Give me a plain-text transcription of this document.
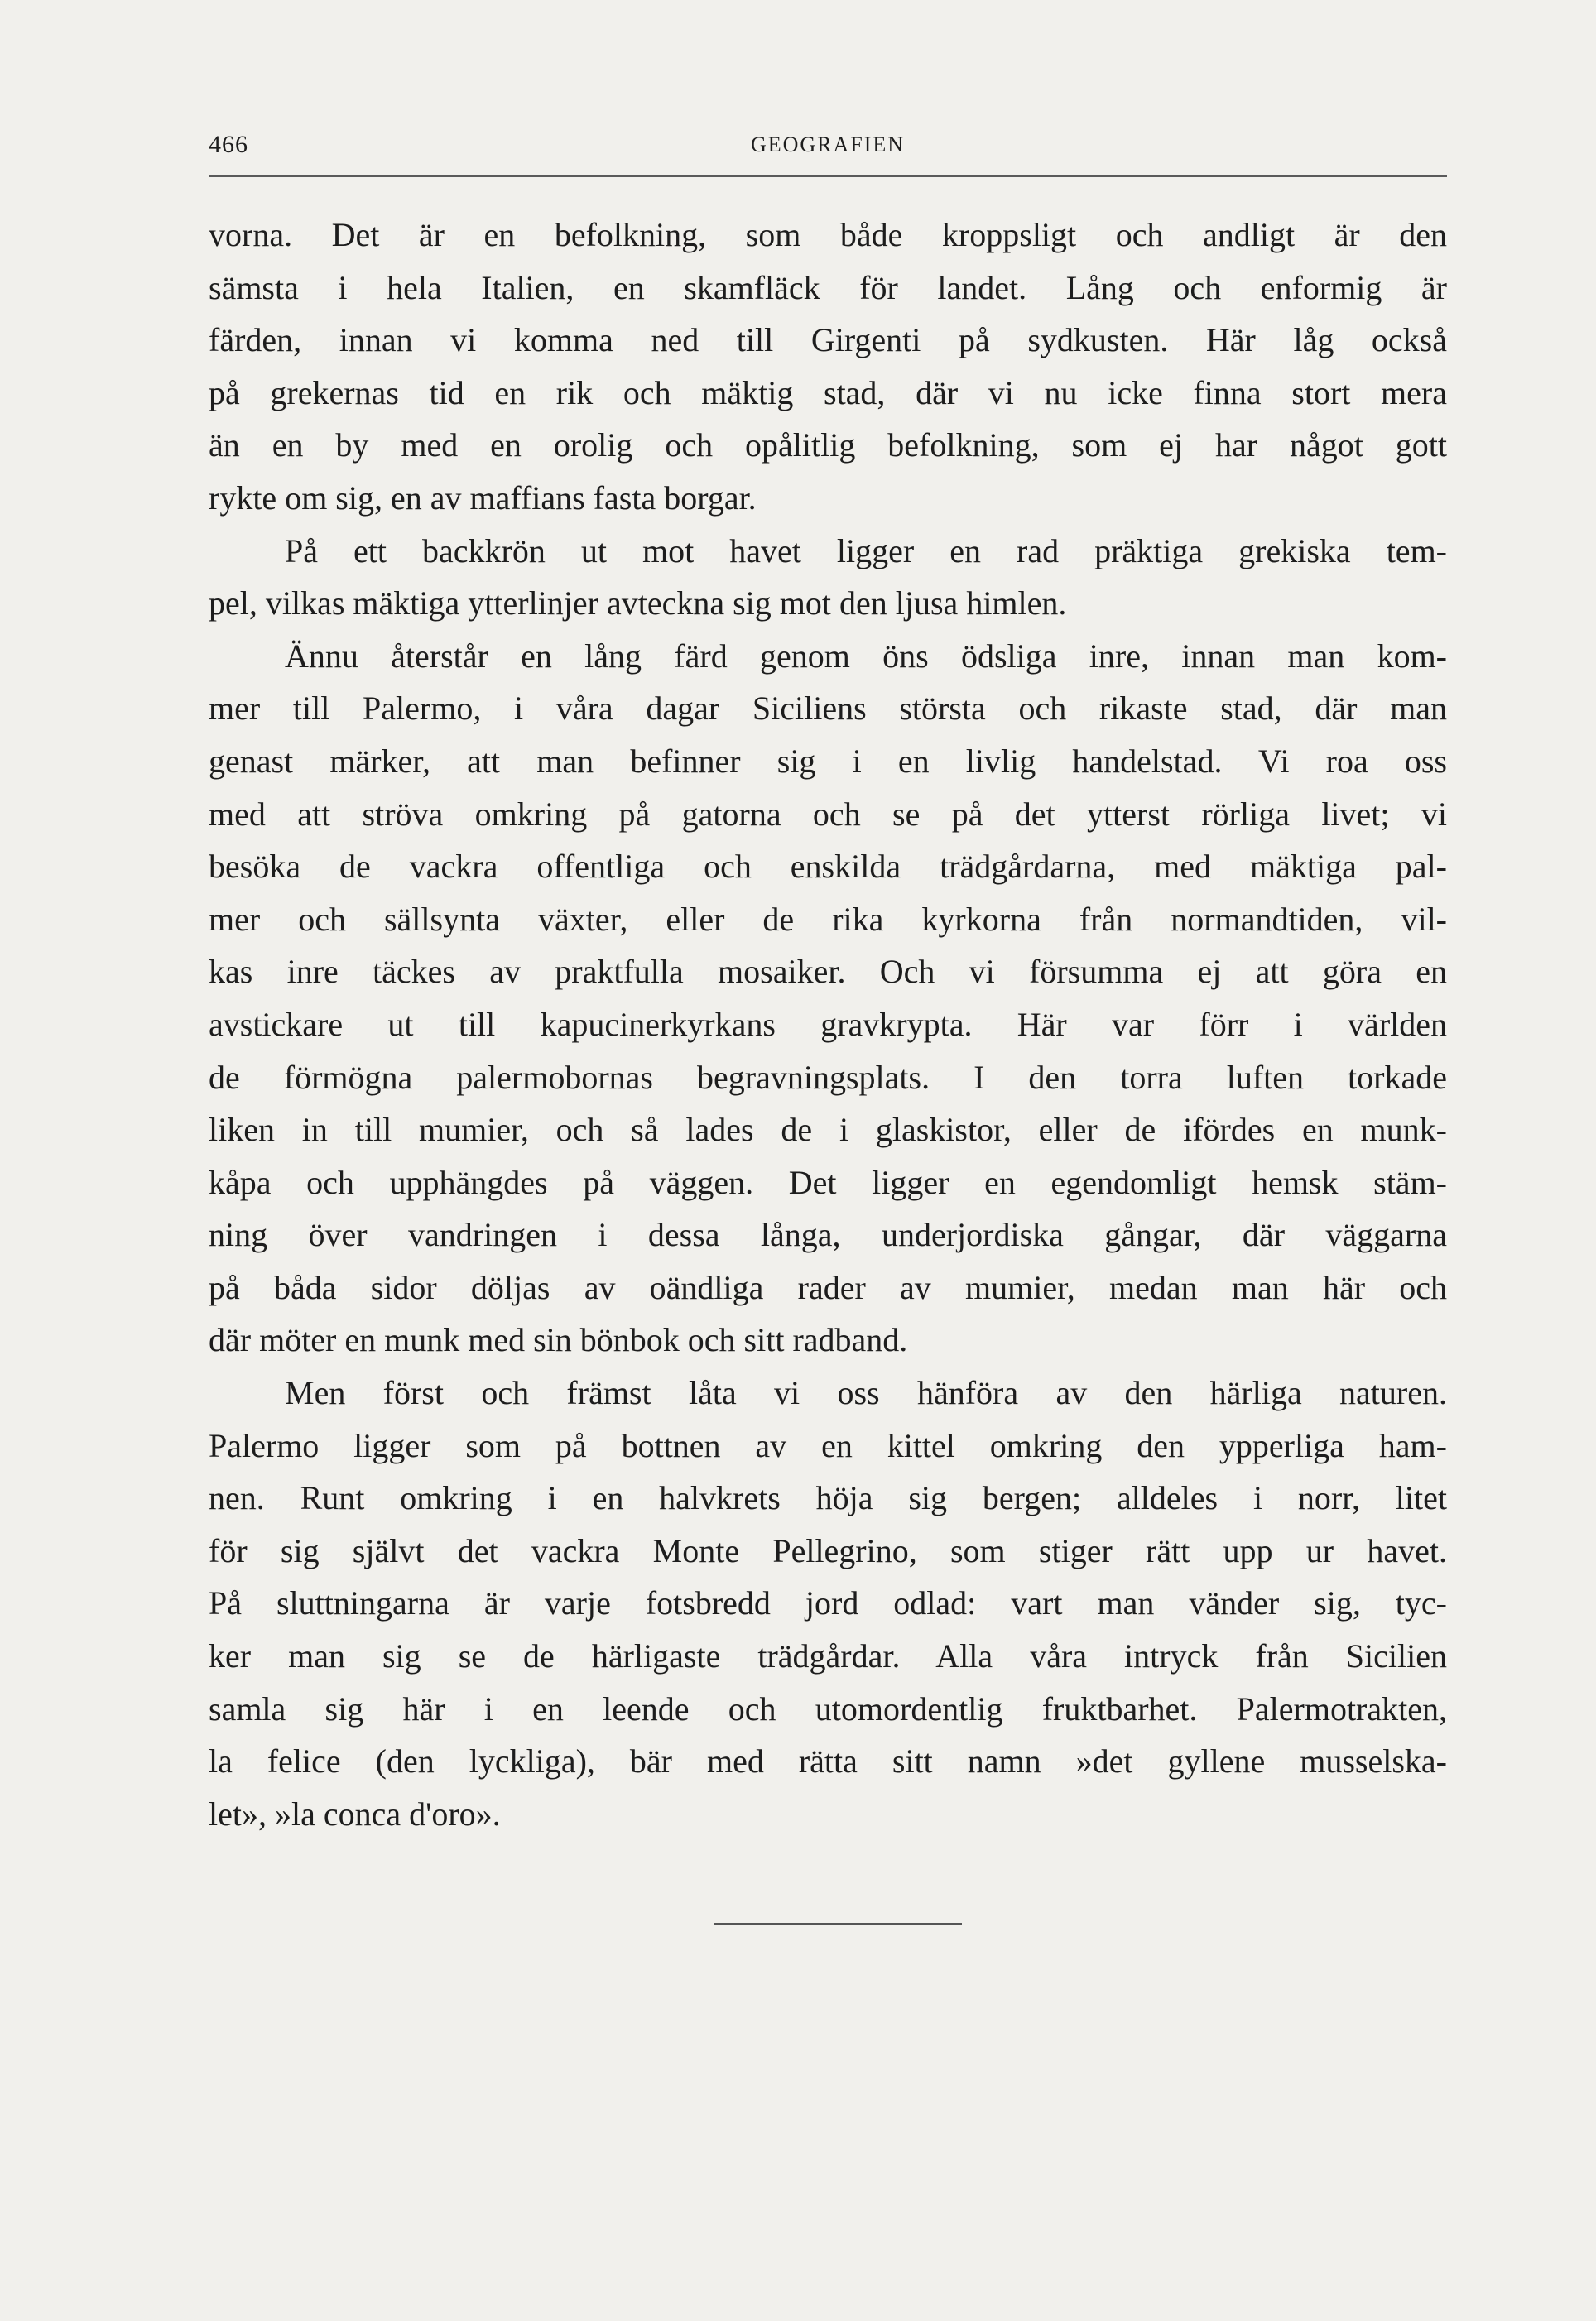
466	GEOGRAFIEN
vorna. Det är en befolkning, som både kroppsligt och andligt är den
sämsta i hela Italien, en skamfläck för landet. Lång och enformig är
färden, innan vi komma ned till Girgenti på sydkusten. Här låg också
på grekernas tid en rik och mäktig stad, där vi nu icke finna stort mera
än en by med en orolig och opålitlig befolkning, som ej har något gott
rykte om sig, en av maffians fasta borgar.
På ett backkrön ut mot havet ligger en rad präktiga grekiska tem-
pel, vilkas mäktiga ytterlinjer avteckna sig mot den ljusa himlen.
Ännu återstår en lång färd genom öns ödsliga inre, innan man kom-
mer till Palermo, i våra dagar Siciliens största och rikaste stad, där man
genast märker, att man befinner sig i en livlig handelstad. Vi roa oss
med att ströva omkring på gatorna och se på det ytterst rörliga livet; vi
besöka de vackra offentliga och enskilda trädgårdarna, med mäktiga pal-
mer och sällsynta växter, eller de rika kyrkorna från normandtiden, vil-
kas inre täckes av praktfulla mosaiker. Och vi försumma ej att göra en
avstickare ut till kapucinerkyrkans gravkrypta. Här var förr i världen
de förmögna palermobornas begravningsplats. I den torra luften torkade
liken in till mumier, och så lades de i glaskistor, eller de ifördes en munk-
kåpa och upphängdes på väggen. Det ligger en egendomligt hemsk stäm-
ning över vandringen i dessa långa, underjordiska gångar, där väggarna
på båda sidor döljas av oändliga rader av mumier, medan man här och
där möter en munk med sin bönbok och sitt radband.
Men först och främst låta vi oss hänföra av den härliga naturen.
Palermo ligger som på bottnen av en kittel omkring den ypperliga ham-
nen. Runt omkring i en halvkrets höja sig bergen; alldeles i norr, litet
för sig självt det vackra Monte Pellegrino, som stiger rätt upp ur havet.
På sluttningarna är varje fotsbredd jord odlad: vart man vänder sig, tyc-
ker man sig se de härligaste trädgårdar. Alla våra intryck från Sicilien
samla sig här i en leende och utomordentlig fruktbarhet. Palermotrakten,
la felice (den lyckliga), bär med rätta sitt namn »det gyllene musselska-
let», »la conca d'oro».
